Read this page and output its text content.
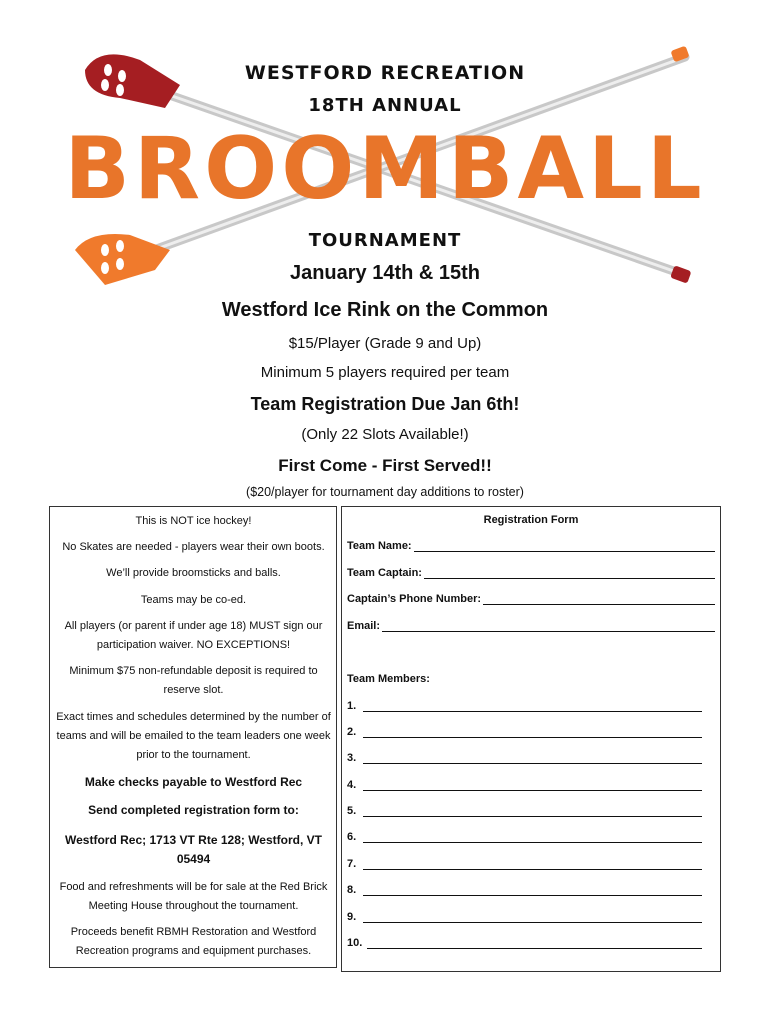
WESTFORD RECREATION
18TH ANNUAL
BROOMBALL
TOURNAMENT
January 14th & 15th
Westford Ice Rink on the Common
$15/Player (Grade 9 and Up)
Minimum 5 players required per team
Team Registration Due Jan 6th!
(Only 22 Slots Available!)
First Come - First Served!!
($20/player for tournament day additions to roster)
This is NOT ice hockey!
No Skates are needed - players wear their own boots.
We’ll provide broomsticks and balls.
Teams may be co-ed.
All players (or parent if under age 18) MUST sign our participation waiver. NO EXCEPTIONS!
Minimum $75 non-refundable deposit is required to reserve slot.
Exact times and schedules determined by the number of teams and will be emailed to the team leaders one week prior to the tournament.
Make checks payable to Westford Rec
Send completed registration form to:
Westford Rec; 1713 VT Rte 128; Westford, VT 05494
Food and refreshments will be for sale at the Red Brick Meeting House throughout the tournament.
Proceeds benefit RBMH Restoration and Westford Recreation programs and equipment purchases.
Registration Form
Team Name:
Team Captain:
Captain’s Phone Number:
Email:
Team Members:
1.
2.
3.
4.
5.
6.
7.
8.
9.
10.
